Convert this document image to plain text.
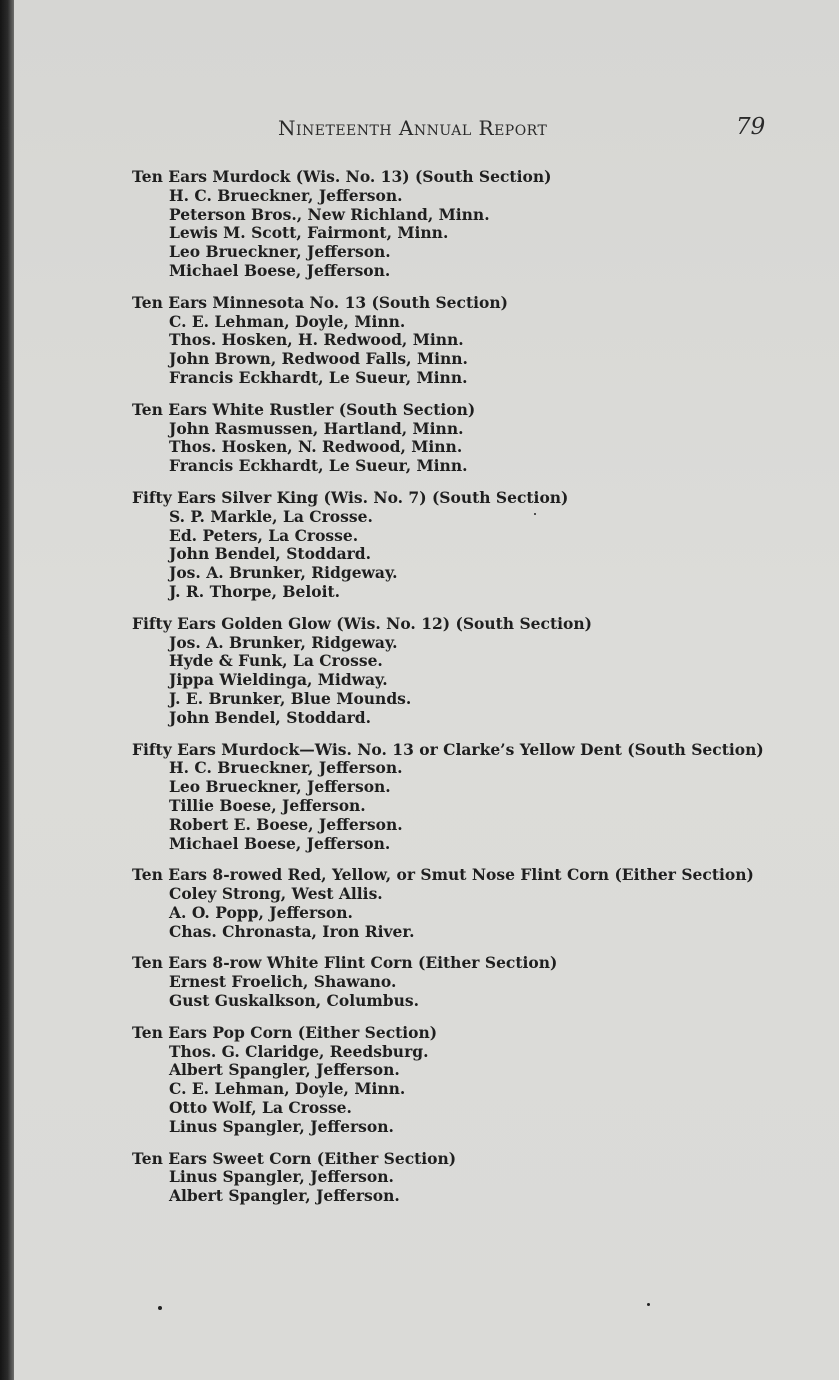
Nineteenth Annual Report	79
Ten Ears Murdock (Wis. No. 13) (South Section)
H. C. Brueckner, Jefferson.
Peterson Bros., New Richland, Minn.
Lewis M. Scott, Fairmont, Minn.
Leo Brueckner, Jefferson.
Michael Boese, Jefferson.
Ten Ears Minnesota No. 13 (South Section)
C. E. Lehman, Doyle, Minn.
Thos. Hosken, H. Redwood, Minn.
John Brown, Redwood Falls, Minn.
Francis Eckhardt, Le Sueur, Minn.
Ten Ears White Rustler (South Section)
John Rasmussen, Hartland, Minn.
Thos. Hosken, N. Redwood, Minn.
Francis Eckhardt, Le Sueur, Minn.
Fifty Ears Silver King (Wis. No. 7) (South Section)
S. P. Markle, La Crosse.
Ed. Peters, La Crosse.
John Bendel, Stoddard.
Jos. A. Brunker, Ridgeway.
J. R. Thorpe, Beloit.
Fifty Ears Golden Glow (Wis. No. 12) (South Section)
Jos. A. Brunker, Ridgeway.
Hyde & Funk, La Crosse.
Jippa Wieldinga, Midway.
J. E. Brunker, Blue Mounds.
John Bendel, Stoddard.
Fifty Ears Murdock—Wis. No. 13 or Clarke’s Yellow Dent (South Section)
H. C. Brueckner, Jefferson.
Leo Brueckner, Jefferson.
Tillie Boese, Jefferson.
Robert E. Boese, Jefferson.
Michael Boese, Jefferson.
Ten Ears 8-rowed Red, Yellow, or Smut Nose Flint Corn (Either Section)
Coley Strong, West Allis.
A. O. Popp, Jefferson.
Chas. Chronasta, Iron River.
Ten Ears 8-row White Flint Corn (Either Section)
Ernest Froelich, Shawano.
Gust Guskalkson, Columbus.
Ten Ears Pop Corn (Either Section)
Thos. G. Claridge, Reedsburg.
Albert Spangler, Jefferson.
C. E. Lehman, Doyle, Minn.
Otto Wolf, La Crosse.
Linus Spangler, Jefferson.
Ten Ears Sweet Corn (Either Section)
Linus Spangler, Jefferson.
Albert Spangler, Jefferson.
